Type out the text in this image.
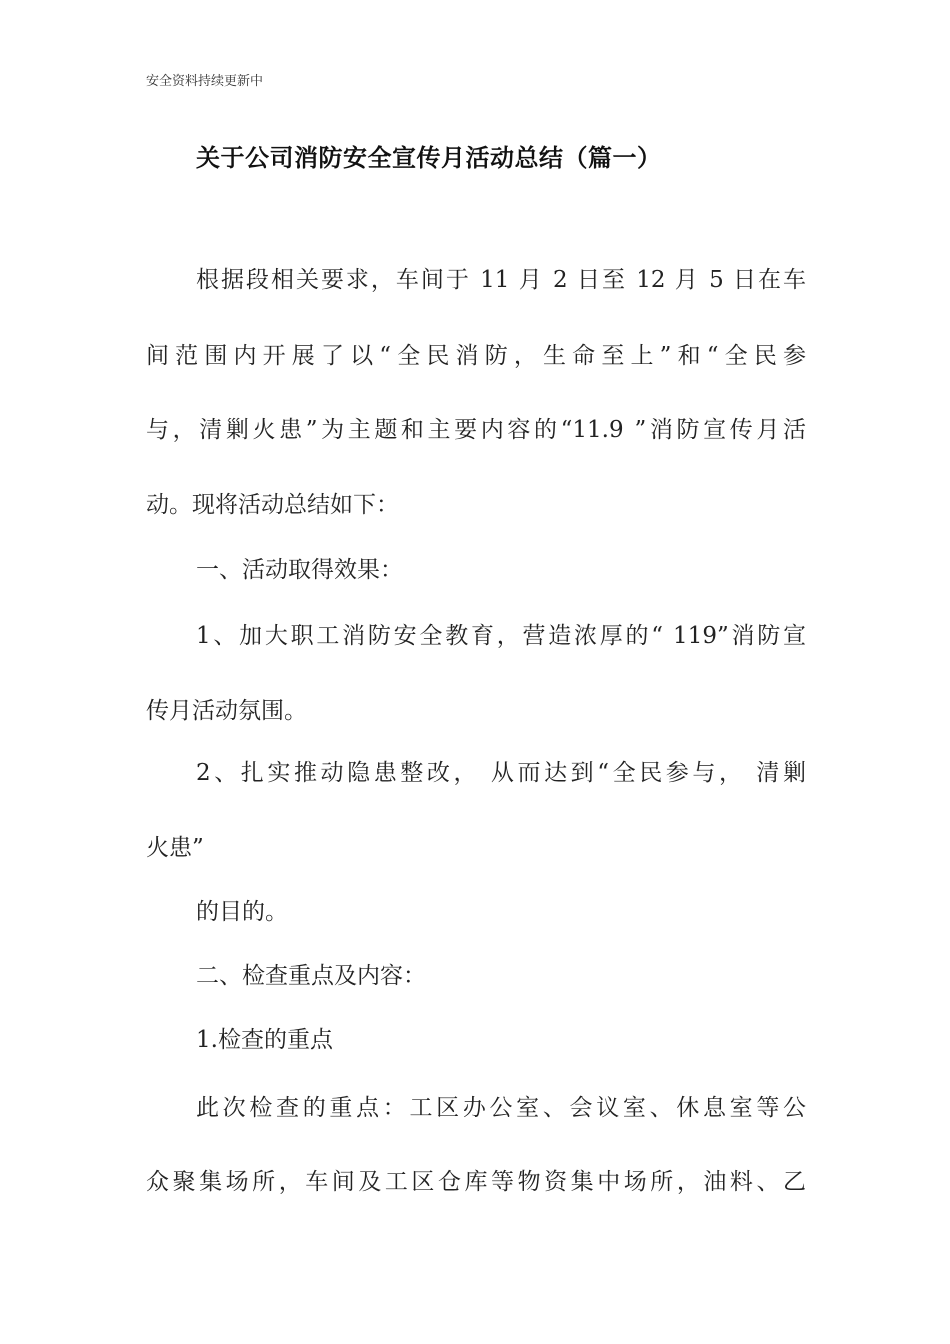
安全资料持续更新中
关于公司消防安全宣传月活动总结（篇一）
根据段相关要求，车间于 11 月 2 日至 12 月 5 日在车
间范围内开展了以“全民消防，生命至上”和“全民参
与，清剿火患”为主题和主要内容的“11.9 ”消防宣传月活
动。现将活动总结如下：
一、活动取得效果：
1、加大职工消防安全教育，营造浓厚的“ 119”消防宣
传月活动氛围。
2、扎实推动隐患整改， 从而达到“全民参与， 清剿
火患”
的目的。
二、检查重点及内容：
1.检查的重点
此次检查的重点：工区办公室、会议室、休息室等公
众聚集场所，车间及工区仓库等物资集中场所，油料、乙
